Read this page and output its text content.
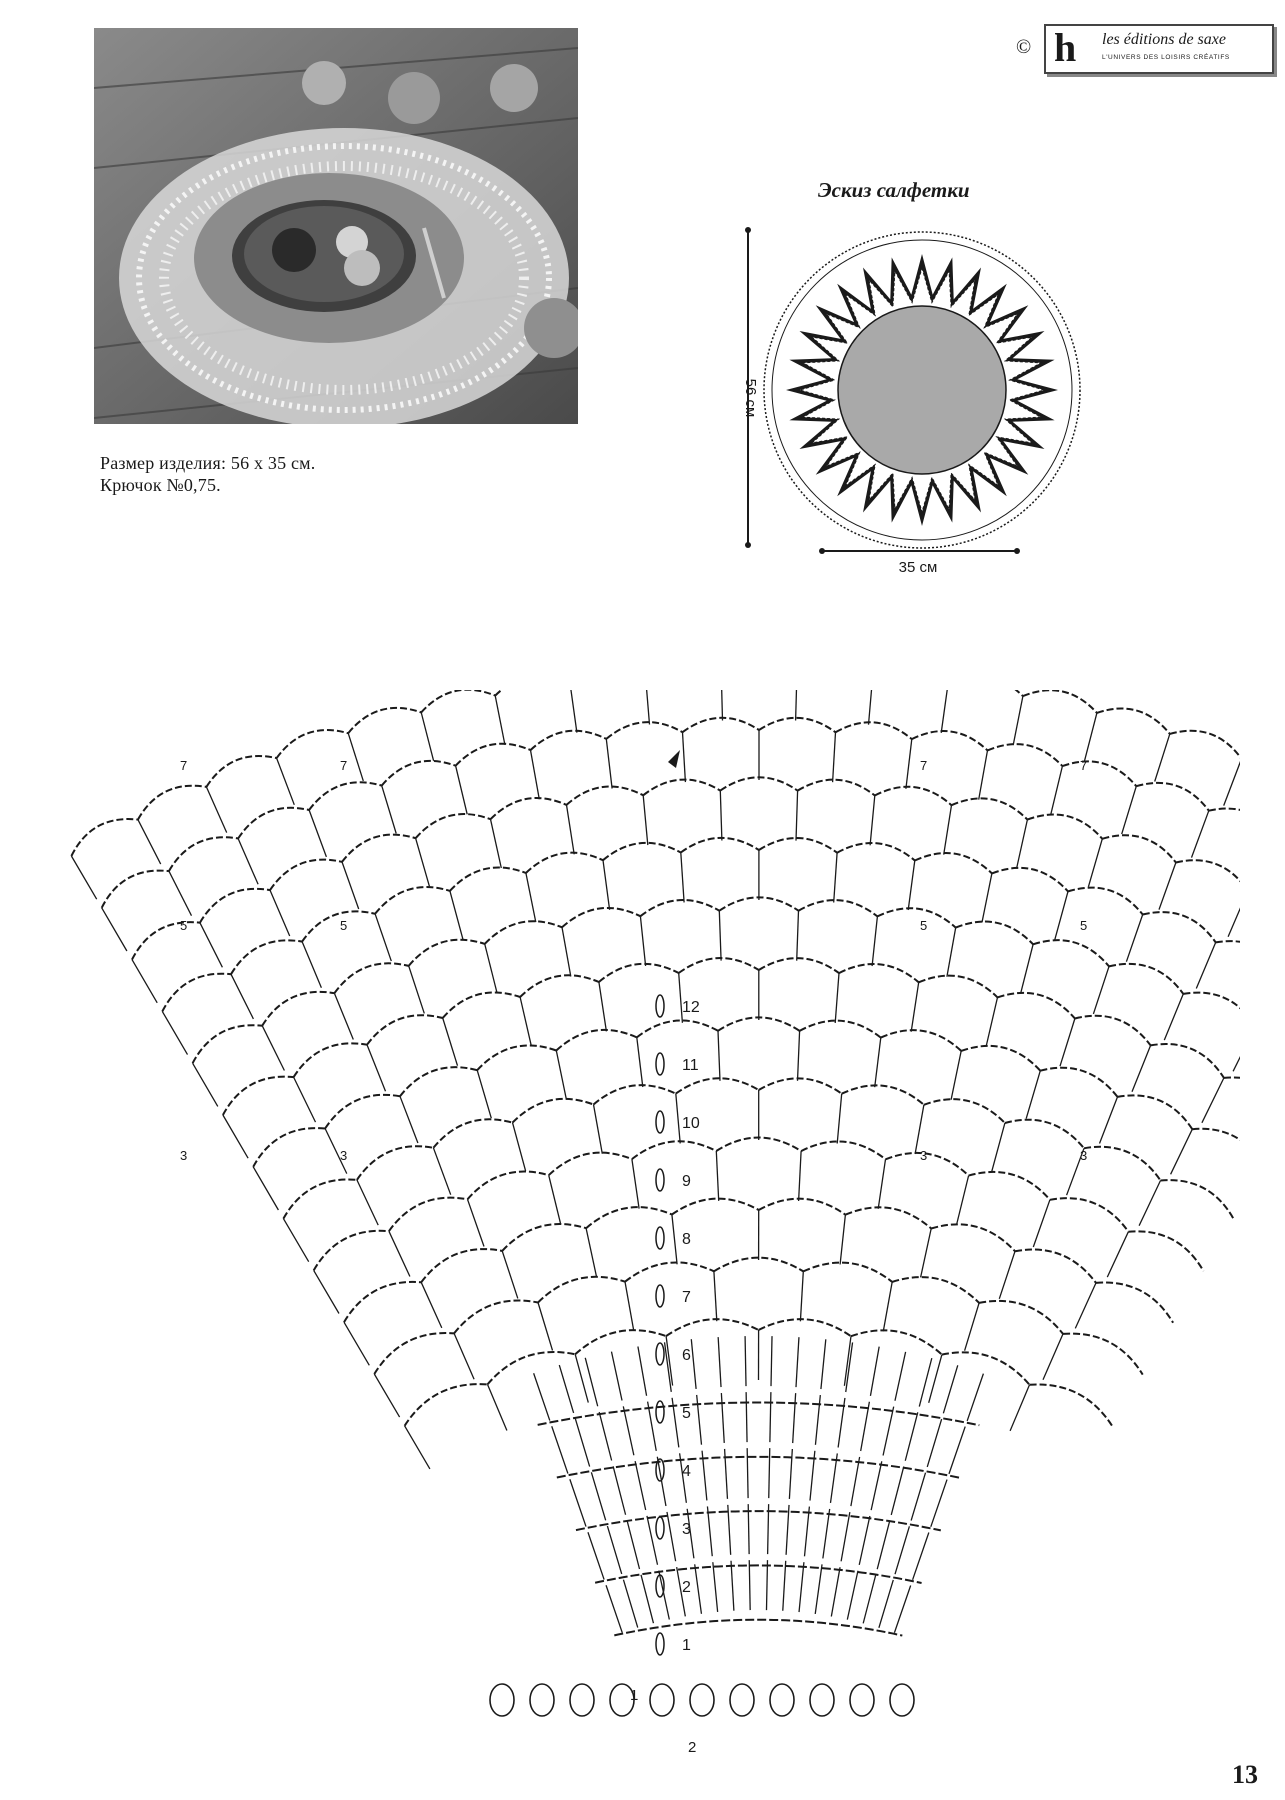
Размер изделия: 56 x 35 см.
Крючок №0,75.
© h les éditions de saxe
L'UNIVERS DES LOISIRS CRÉATIFS
Эскиз салфетки
56 см
35 см
1
2
3
4
5
6
7
8
9
10
11
12
3	3	3	3
5	5	5	5
7	7	7	7
1
2
13
